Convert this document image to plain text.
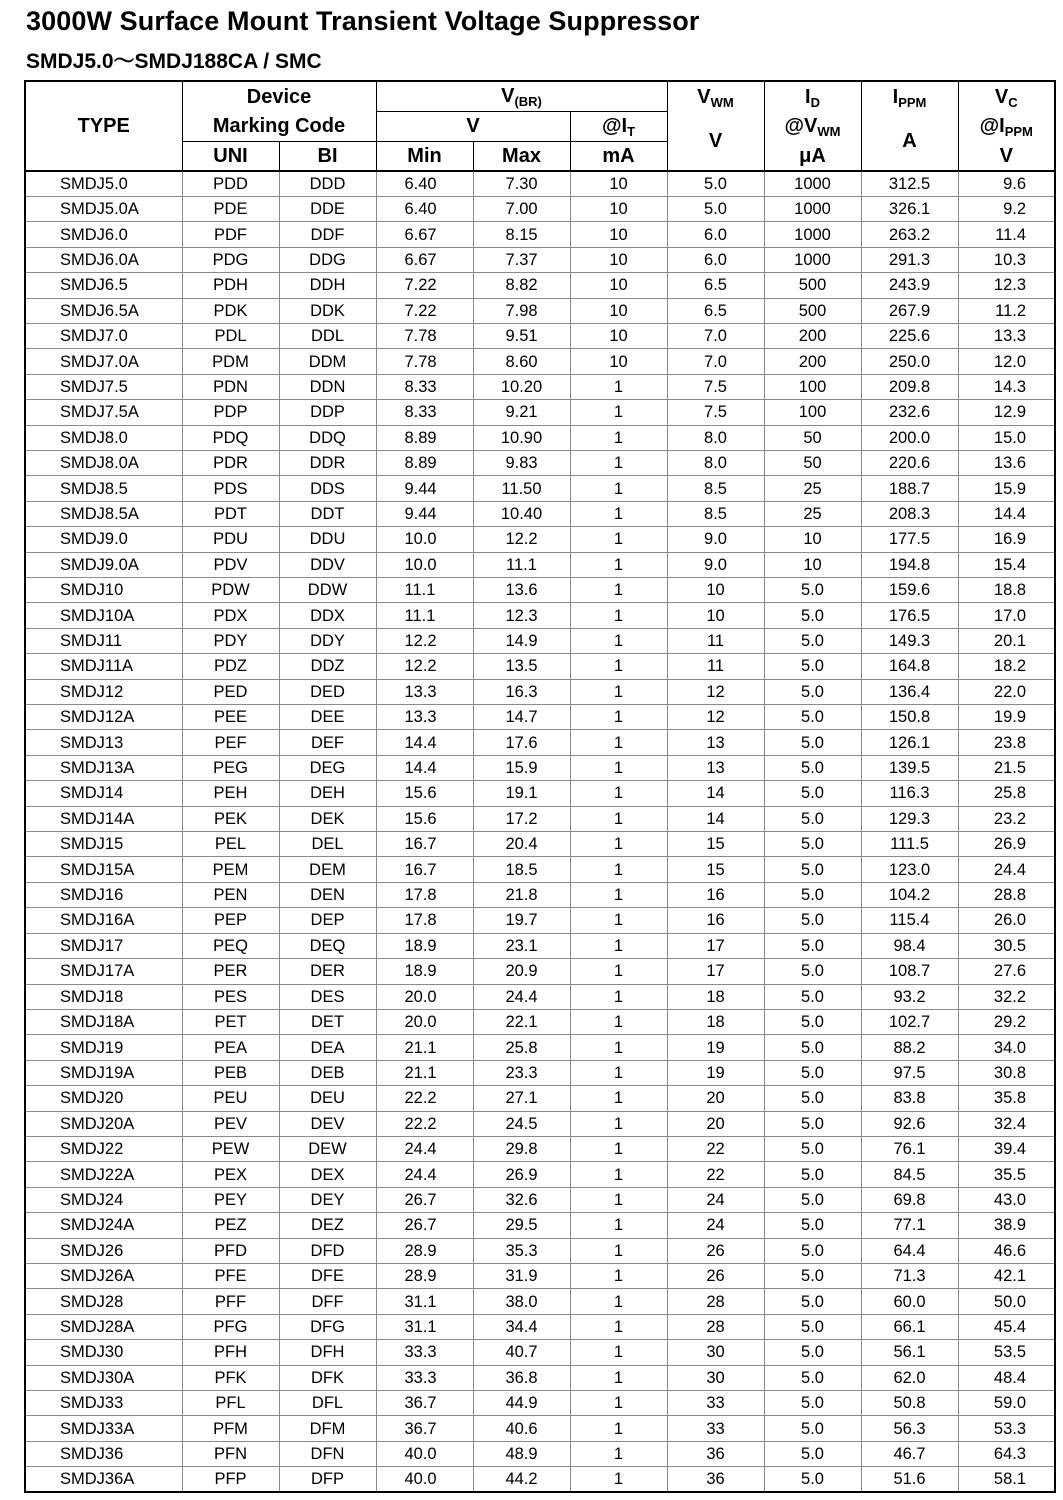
3000W Surface Mount Transient Voltage Suppressor
SMDJ5.0～SMDJ188CA / SMC
TYPE	Device		$V_{(BR)}$			$V_{WM}$	$I_D$	$I_{PPM}$	$V_C$
	Marking Code		V		$@I_T$	V	$@V_{WM}$	A	$@I_{PPM}$
	UNI	BI	Min	Max	mA		μA		V
SMDJ5.0	PDD	DDD	6.40	7.30	10	5.0	1000	312.5	9.6
SMDJ5.0A	PDE	DDE	6.40	7.00	10	5.0	1000	326.1	9.2
SMDJ6.0	PDF	DDF	6.67	8.15	10	6.0	1000	263.2	11.4
SMDJ6.0A	PDG	DDG	6.67	7.37	10	6.0	1000	291.3	10.3
SMDJ6.5	PDH	DDH	7.22	8.82	10	6.5	500	243.9	12.3
SMDJ6.5A	PDK	DDK	7.22	7.98	10	6.5	500	267.9	11.2
SMDJ7.0	PDL	DDL	7.78	9.51	10	7.0	200	225.6	13.3
SMDJ7.0A	PDM	DDM	7.78	8.60	10	7.0	200	250.0	12.0
SMDJ7.5	PDN	DDN	8.33	10.20	1	7.5	100	209.8	14.3
SMDJ7.5A	PDP	DDP	8.33	9.21	1	7.5	100	232.6	12.9
SMDJ8.0	PDQ	DDQ	8.89	10.90	1	8.0	50	200.0	15.0
SMDJ8.0A	PDR	DDR	8.89	9.83	1	8.0	50	220.6	13.6
SMDJ8.5	PDS	DDS	9.44	11.50	1	8.5	25	188.7	15.9
SMDJ8.5A	PDT	DDT	9.44	10.40	1	8.5	25	208.3	14.4
SMDJ9.0	PDU	DDU	10.0	12.2	1	9.0	10	177.5	16.9
SMDJ9.0A	PDV	DDV	10.0	11.1	1	9.0	10	194.8	15.4
SMDJ10	PDW	DDW	11.1	13.6	1	10	5.0	159.6	18.8
SMDJ10A	PDX	DDX	11.1	12.3	1	10	5.0	176.5	17.0
SMDJ11	PDY	DDY	12.2	14.9	1	11	5.0	149.3	20.1
SMDJ11A	PDZ	DDZ	12.2	13.5	1	11	5.0	164.8	18.2
SMDJ12	PED	DED	13.3	16.3	1	12	5.0	136.4	22.0
SMDJ12A	PEE	DEE	13.3	14.7	1	12	5.0	150.8	19.9
SMDJ13	PEF	DEF	14.4	17.6	1	13	5.0	126.1	23.8
SMDJ13A	PEG	DEG	14.4	15.9	1	13	5.0	139.5	21.5
SMDJ14	PEH	DEH	15.6	19.1	1	14	5.0	116.3	25.8
SMDJ14A	PEK	DEK	15.6	17.2	1	14	5.0	129.3	23.2
SMDJ15	PEL	DEL	16.7	20.4	1	15	5.0	111.5	26.9
SMDJ15A	PEM	DEM	16.7	18.5	1	15	5.0	123.0	24.4
SMDJ16	PEN	DEN	17.8	21.8	1	16	5.0	104.2	28.8
SMDJ16A	PEP	DEP	17.8	19.7	1	16	5.0	115.4	26.0
SMDJ17	PEQ	DEQ	18.9	23.1	1	17	5.0	98.4	30.5
SMDJ17A	PER	DER	18.9	20.9	1	17	5.0	108.7	27.6
SMDJ18	PES	DES	20.0	24.4	1	18	5.0	93.2	32.2
SMDJ18A	PET	DET	20.0	22.1	1	18	5.0	102.7	29.2
SMDJ19	PEA	DEA	21.1	25.8	1	19	5.0	88.2	34.0
SMDJ19A	PEB	DEB	21.1	23.3	1	19	5.0	97.5	30.8
SMDJ20	PEU	DEU	22.2	27.1	1	20	5.0	83.8	35.8
SMDJ20A	PEV	DEV	22.2	24.5	1	20	5.0	92.6	32.4
SMDJ22	PEW	DEW	24.4	29.8	1	22	5.0	76.1	39.4
SMDJ22A	PEX	DEX	24.4	26.9	1	22	5.0	84.5	35.5
SMDJ24	PEY	DEY	26.7	32.6	1	24	5.0	69.8	43.0
SMDJ24A	PEZ	DEZ	26.7	29.5	1	24	5.0	77.1	38.9
SMDJ26	PFD	DFD	28.9	35.3	1	26	5.0	64.4	46.6
SMDJ26A	PFE	DFE	28.9	31.9	1	26	5.0	71.3	42.1
SMDJ28	PFF	DFF	31.1	38.0	1	28	5.0	60.0	50.0
SMDJ28A	PFG	DFG	31.1	34.4	1	28	5.0	66.1	45.4
SMDJ30	PFH	DFH	33.3	40.7	1	30	5.0	56.1	53.5
SMDJ30A	PFK	DFK	33.3	36.8	1	30	5.0	62.0	48.4
SMDJ33	PFL	DFL	36.7	44.9	1	33	5.0	50.8	59.0
SMDJ33A	PFM	DFM	36.7	40.6	1	33	5.0	56.3	53.3
SMDJ36	PFN	DFN	40.0	48.9	1	36	5.0	46.7	64.3
SMDJ36A	PFP	DFP	40.0	44.2	1	36	5.0	51.6	58.1
